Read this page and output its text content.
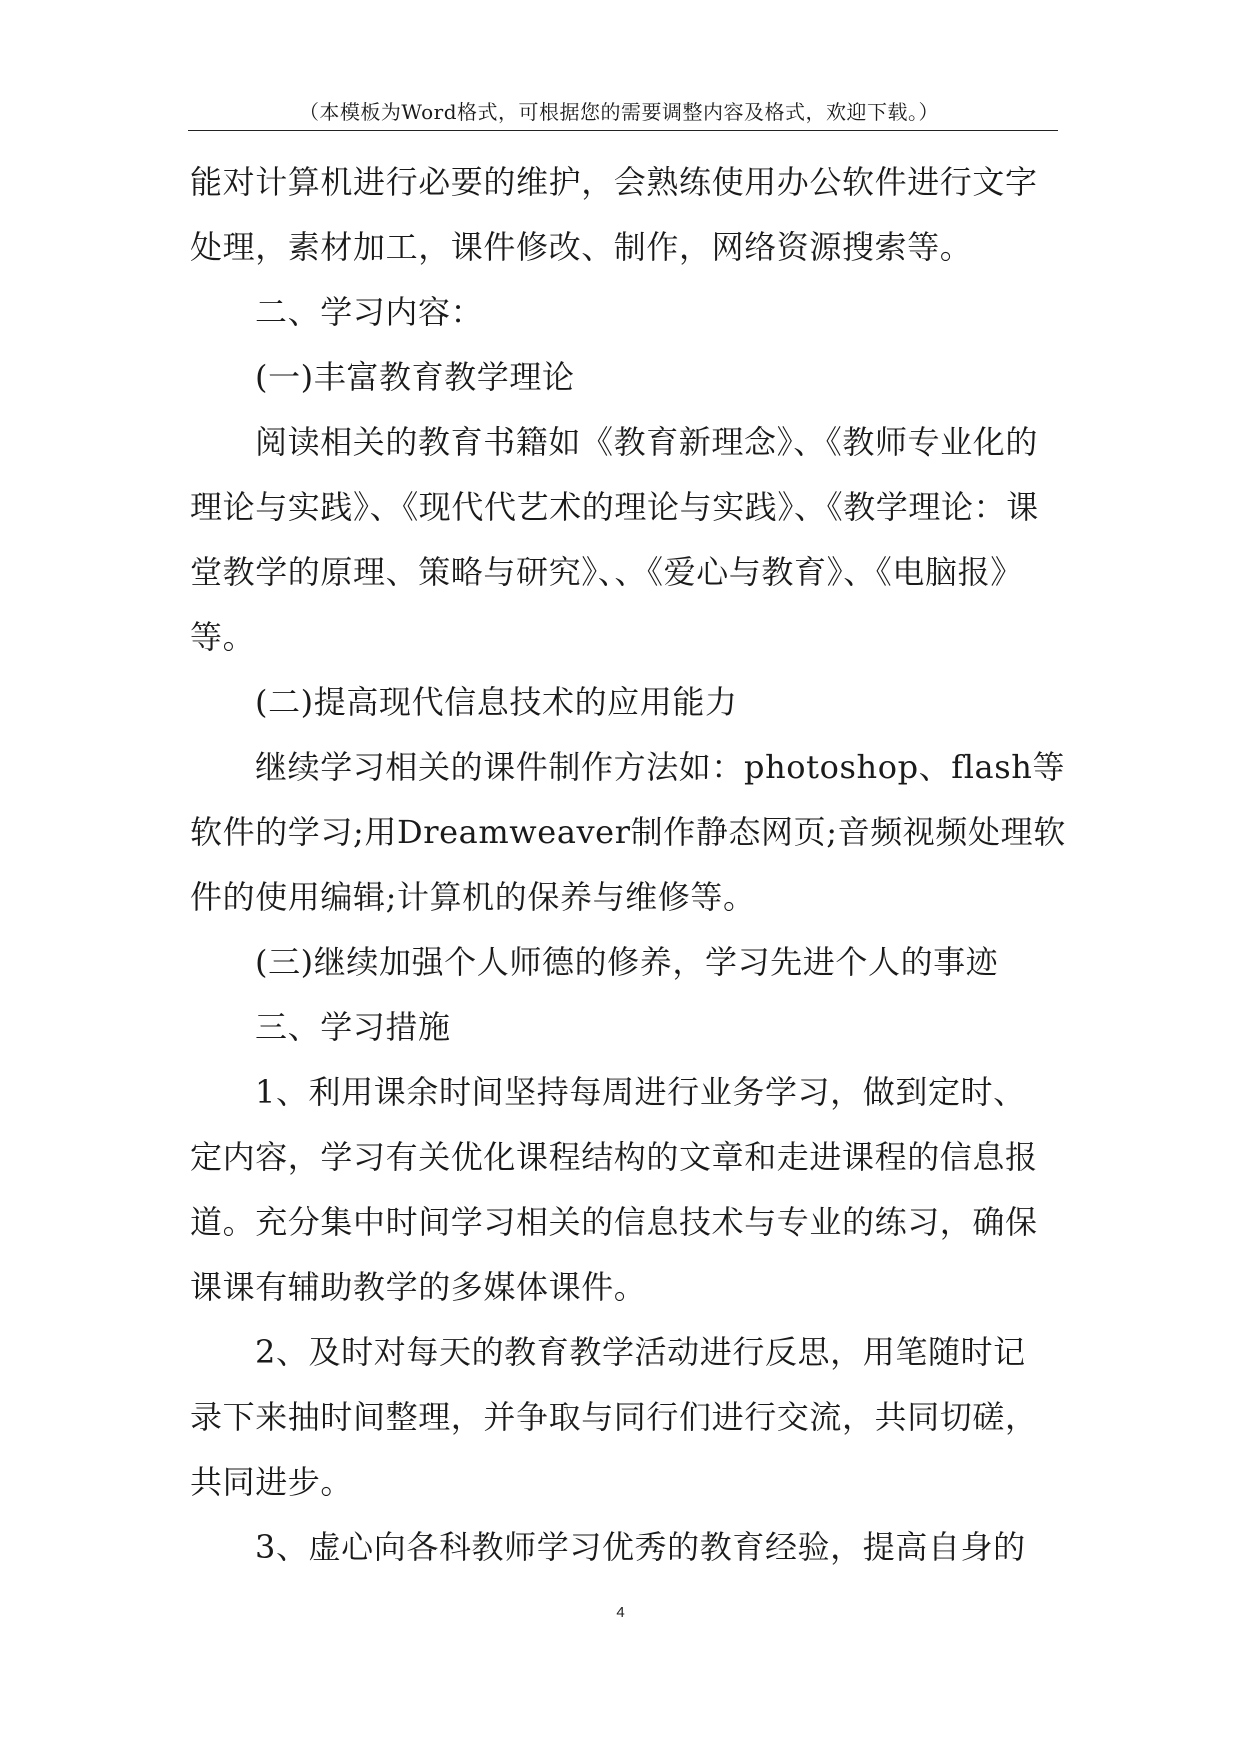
（本模板为Word格式，可根据您的需要调整内容及格式，欢迎下载。）
能对计算机进行必要的维护，会熟练使用办公软件进行文字
处理，素材加工，课件修改、制作，网络资源搜索等。
二、学习内容：
(一)丰富教育教学理论
阅读相关的教育书籍如《教育新理念》、《教师专业化的
理论与实践》、《现代代艺术的理论与实践》、《教学理论：课
堂教学的原理、策略与研究》、、《爱心与教育》、《电脑报》
等。
(二)提高现代信息技术的应用能力
继续学习相关的课件制作方法如：photoshop、flash等
软件的学习;用Dreamweaver制作静态网页;音频视频处理软
件的使用编辑;计算机的保养与维修等。
(三)继续加强个人师德的修养，学习先进个人的事迹
三、学习措施
1、利用课余时间坚持每周进行业务学习，做到定时、
定内容，学习有关优化课程结构的文章和走进课程的信息报
道。充分集中时间学习相关的信息技术与专业的练习，确保
课课有辅助教学的多媒体课件。
2、及时对每天的教育教学活动进行反思，用笔随时记
录下来抽时间整理，并争取与同行们进行交流，共同切磋，
共同进步。
3、虚心向各科教师学习优秀的教育经验，提高自身的
4
